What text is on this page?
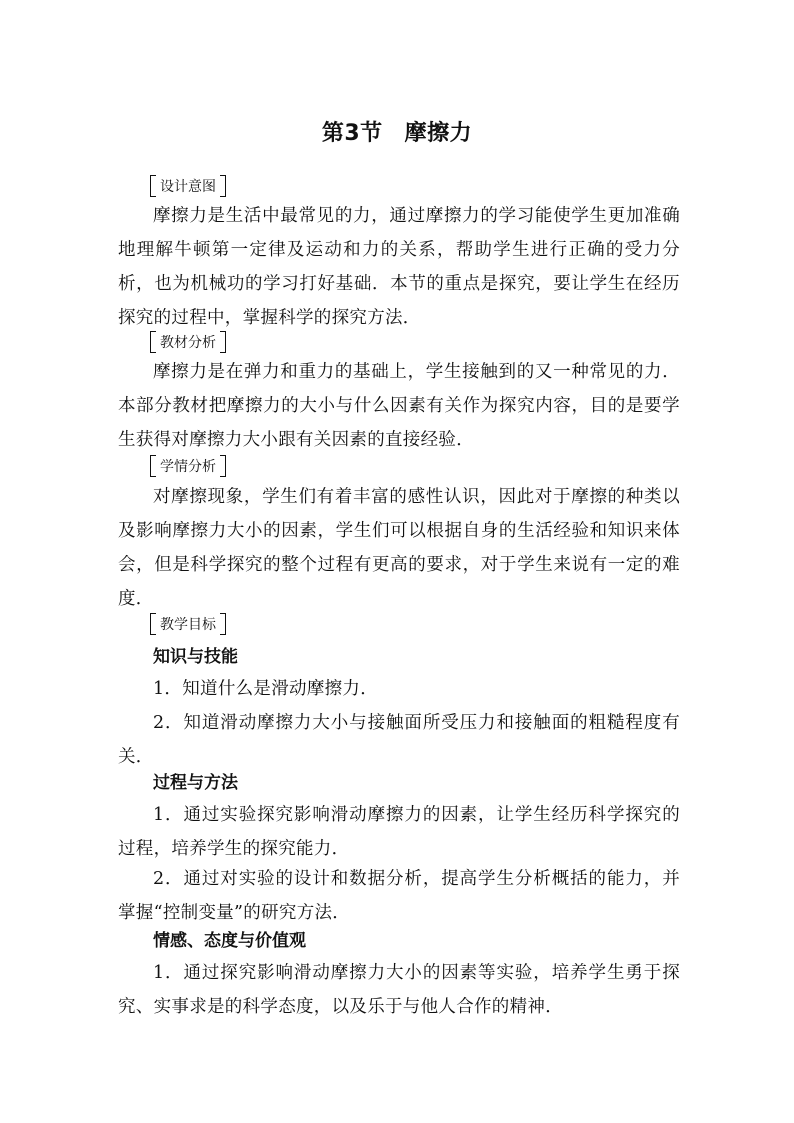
第3节 摩擦力
设计意图
摩擦力是生活中最常见的力，通过摩擦力的学习能使学生更加准确地理解牛顿第一定律及运动和力的关系，帮助学生进行正确的受力分析，也为机械功的学习打好基础．本节的重点是探究，要让学生在经历探究的过程中，掌握科学的探究方法．
教材分析
摩擦力是在弹力和重力的基础上，学生接触到的又一种常见的力．本部分教材把摩擦力的大小与什么因素有关作为探究内容，目的是要学生获得对摩擦力大小跟有关因素的直接经验．
学情分析
对摩擦现象，学生们有着丰富的感性认识，因此对于摩擦的种类以及影响摩擦力大小的因素，学生们可以根据自身的生活经验和知识来体会，但是科学探究的整个过程有更高的要求，对于学生来说有一定的难度．
教学目标
知识与技能
1．知道什么是滑动摩擦力．
2．知道滑动摩擦力大小与接触面所受压力和接触面的粗糙程度有关．
过程与方法
1．通过实验探究影响滑动摩擦力的因素，让学生经历科学探究的过程，培养学生的探究能力．
2．通过对实验的设计和数据分析，提高学生分析概括的能力，并掌握“控制变量”的研究方法．
情感、态度与价值观
1．通过探究影响滑动摩擦力大小的因素等实验，培养学生勇于探究、实事求是的科学态度，以及乐于与他人合作的精神．
